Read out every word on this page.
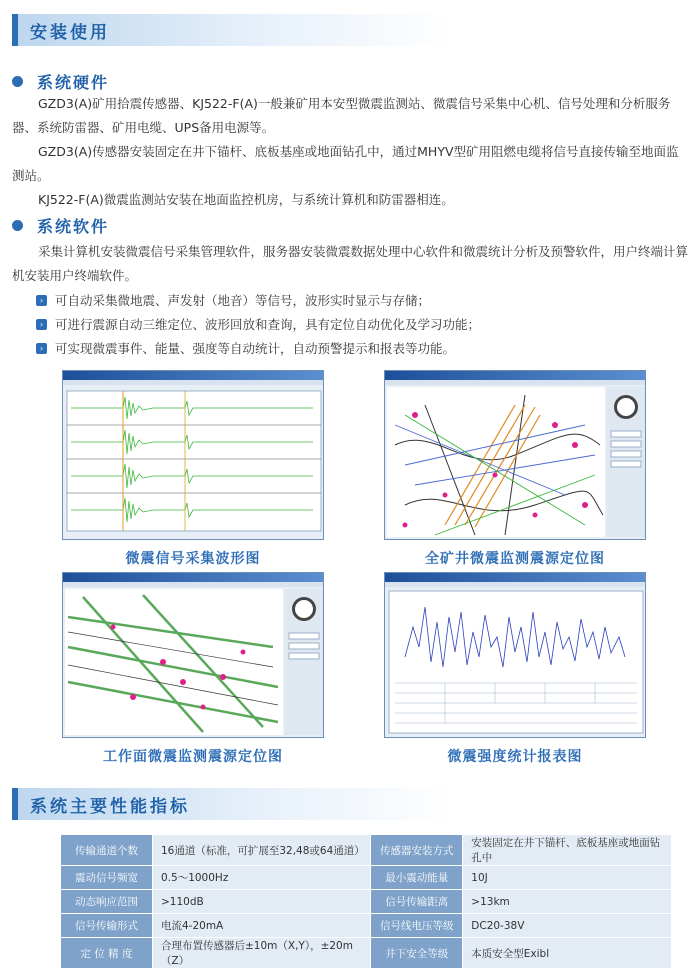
安装使用
系统硬件
GZD3(A)矿用拾震传感器、KJ522-F(A)一般兼矿用本安型微震监测站、微震信号采集中心机、信号处理和分析服务器、系统防雷器、矿用电缆、UPS备用电源等。
GZD3(A)传感器安装固定在井下锚杆、底板基座或地面钻孔中，通过MHYV型矿用阻燃电缆将信号直接传输至地面监测站。
KJ522-F(A)微震监测站安装在地面监控机房，与系统计算机和防雷器相连。
系统软件
采集计算机安装微震信号采集管理软件，服务器安装微震数据处理中心软件和微震统计分析及预警软件，用户终端计算机安装用户终端软件。
› 可自动采集微地震、声发射（地音）等信号，波形实时显示与存储；
› 可进行震源自动三维定位、波形回放和查询，具有定位自动优化及学习功能；
› 可实现微震事件、能量、强度等自动统计，自动预警提示和报表等功能。
微震信号采集波形图	全矿井微震监测震源定位图
工作面微震监测震源定位图	微震强度统计报表图
系统主要性能指标
传输通道个数	16通道（标准，可扩展至32,48或64通道）	传感器安装方式	安装固定在井下锚杆、底板基座或地面钻孔中
震动信号频宽	0.5～1000Hz	最小震动能量	10J
动态响应范围	>110dB	信号传输距离	>13km
信号传输形式	电流4-20mA	信号线电压等级	DC20-38V
定 位 精 度	合理布置传感器后±10m（X,Y），±20m（Z）	井下安全等级	本质安全型Exibl
